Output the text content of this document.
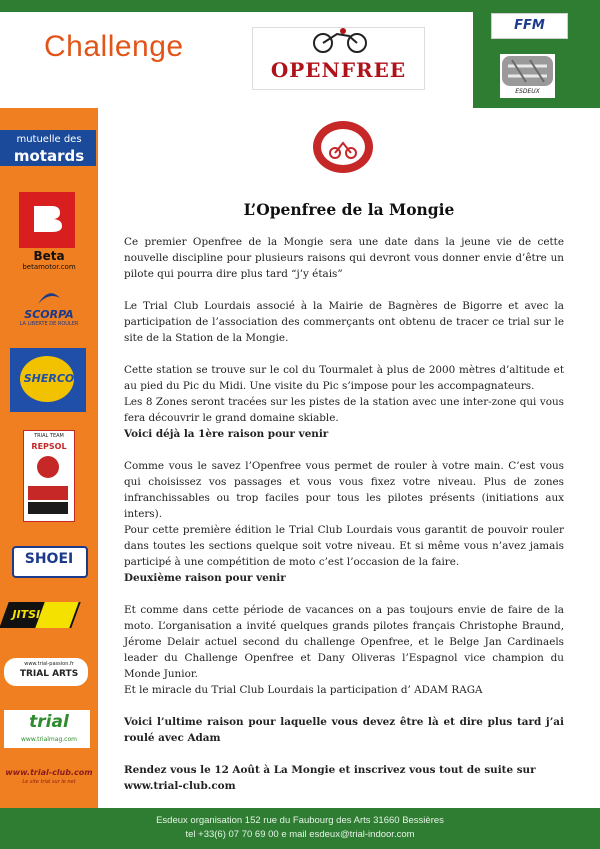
Challenge
OPENFREE
FFM
ESDEUX
mutuelle des
motards
Beta
betamotor.com
SCORPA
LA LIBERTE DE ROULER
SHERCO
TRIAL TEAM
REPSOL
SHOEI
JITSIE
www.trial-passion.fr
TRIAL ARTS
trial
www.trialmag.com
www.trial-club.com
Le site trial sur le net
L’Openfree de la Mongie

Ce premier Openfree de la Mongie sera une date dans la jeune vie de cette nouvelle discipline pour plusieurs raisons qui devront vous donner envie d’être un pilote qui pourra dire plus tard “j’y étais”

Le Trial Club Lourdais associé à la Mairie de Bagnères de Bigorre et avec la participation de l’association des commerçants ont obtenu de tracer ce trial sur le site de la Station de la Mongie.

Cette station se trouve sur le col du Tourmalet à plus de 2000 mètres d’altitude et au pied du Pic du Midi. Une visite du Pic s’impose pour les accompagnateurs.
Les 8 Zones seront tracées sur les pistes de la station avec une inter-zone qui vous fera découvrir le grand domaine skiable.
Voici déjà la 1ère raison pour venir

Comme vous le savez l’Openfree vous permet de rouler à votre main. C’est vous qui choisissez vos passages et vous vous fixez votre niveau. Plus de zones infranchissables ou trop faciles pour tous les pilotes présents (initiations aux inters).
Pour cette première édition le Trial Club Lourdais vous garantit de pouvoir rouler dans toutes les sections quelque soit votre niveau. Et si même vous n’avez jamais participé à une compétition de moto c’est l’occasion de la faire.
Deuxième raison pour venir

Et comme dans cette période de vacances on a pas toujours envie de faire de la moto. L’organisation a invité quelques grands pilotes français Christophe Braund, Jérome Delair actuel second du challenge Openfree, et le Belge Jan Cardinaels leader du Challenge Openfree et Dany Oliveras l’Espagnol vice champion du Monde Junior.
Et le miracle du Trial Club Lourdais la participation d’ ADAM RAGA

Voici l’ultime raison pour laquelle vous devez être là et dire plus tard j’ai roulé avec Adam

Rendez vous le 12 Août à La Mongie et inscrivez vous tout de suite sur
www.trial-club.com

Esdeux organisation 152 rue du Faubourg des Arts 31660 Bessières
tel +33(6) 07 70 69 00 e mail esdeux@trial-indoor.com
